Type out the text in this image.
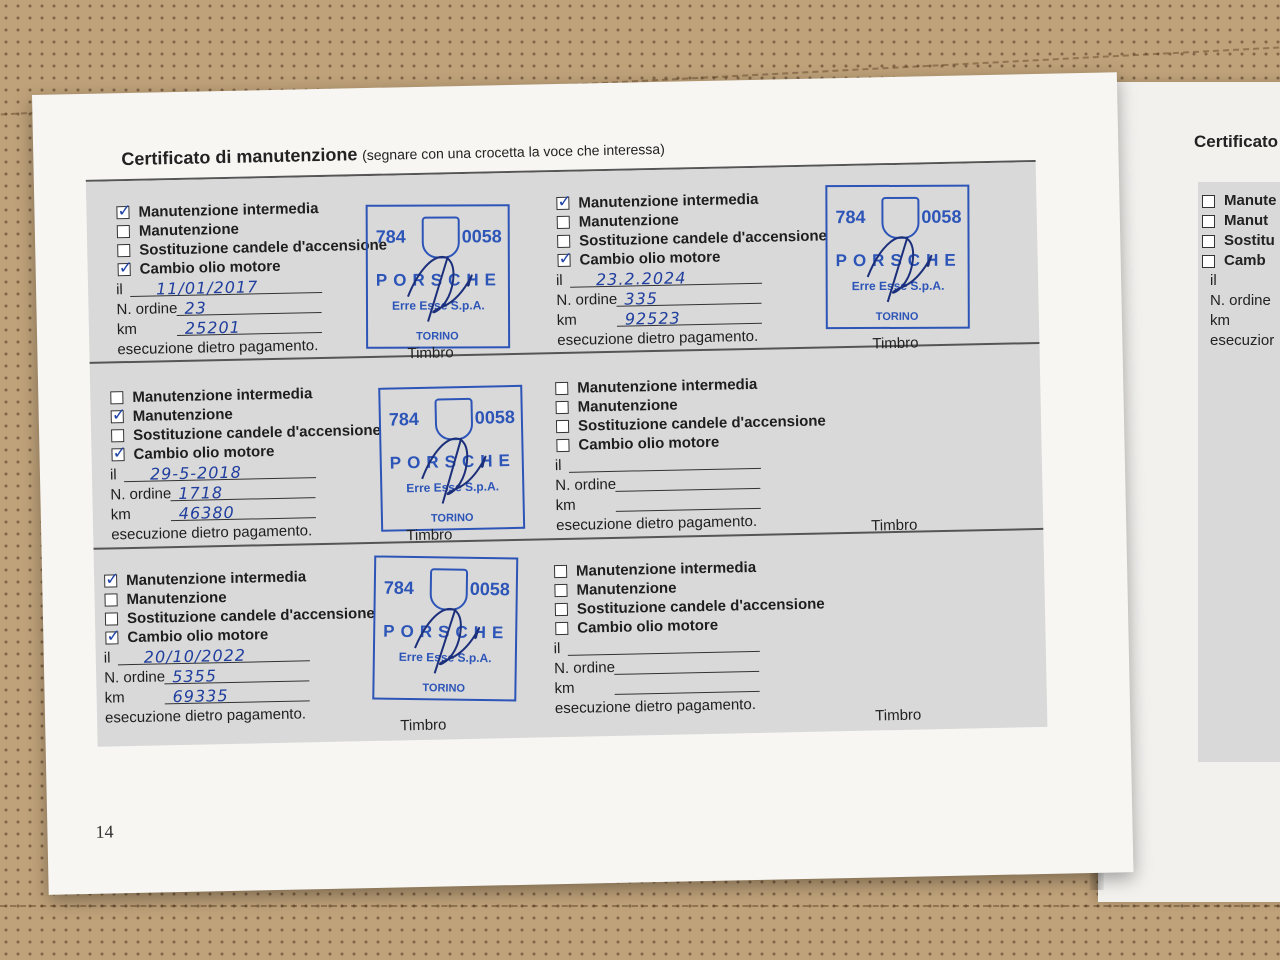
Certificato
Manute
Manut
Sostitu
Camb
il
N. ordine
km
esecuzior
Certificato di manutenzione (segnare con una crocetta la voce che interessa)
✓ Manutenzione intermedia
Manutenzione
Sostituzione candele d'accensione
✓ Cambio olio motore
il 11/01/2017
N. ordine 23
km	25201
esecuzione dietro pagamento.
784	0058
PORSCHE
Erre Esse S.p.A.
TORINO
Timbro
✓ Manutenzione intermedia
Manutenzione
Sostituzione candele d'accensione
✓ Cambio olio motore
il 23.2.2024
N. ordine 335
km	92523
esecuzione dietro pagamento.
784	0058
PORSCHE
Erre Esse S.p.A.
TORINO
Timbro
Manutenzione intermedia
✓ Manutenzione
Sostituzione candele d'accensione
✓ Cambio olio motore
il 29-5-2018
N. ordine 1718
km	46380
esecuzione dietro pagamento.
784	0058
PORSCHE
Erre Esse S.p.A.
TORINO
Timbro
Manutenzione intermedia
Manutenzione
Sostituzione candele d'accensione
Cambio olio motore
il
N. ordine
km
esecuzione dietro pagamento.	Timbro
✓ Manutenzione intermedia
Manutenzione
Sostituzione candele d'accensione
✓ Cambio olio motore
il 20/10/2022
N. ordine 5355
km	69335
esecuzione dietro pagamento.
784	0058
PORSCHE
Erre Esse S.p.A.
TORINO
Timbro
Manutenzione intermedia
Manutenzione
Sostituzione candele d'accensione
Cambio olio motore
il
N. ordine
km
esecuzione dietro pagamento.	Timbro
14
